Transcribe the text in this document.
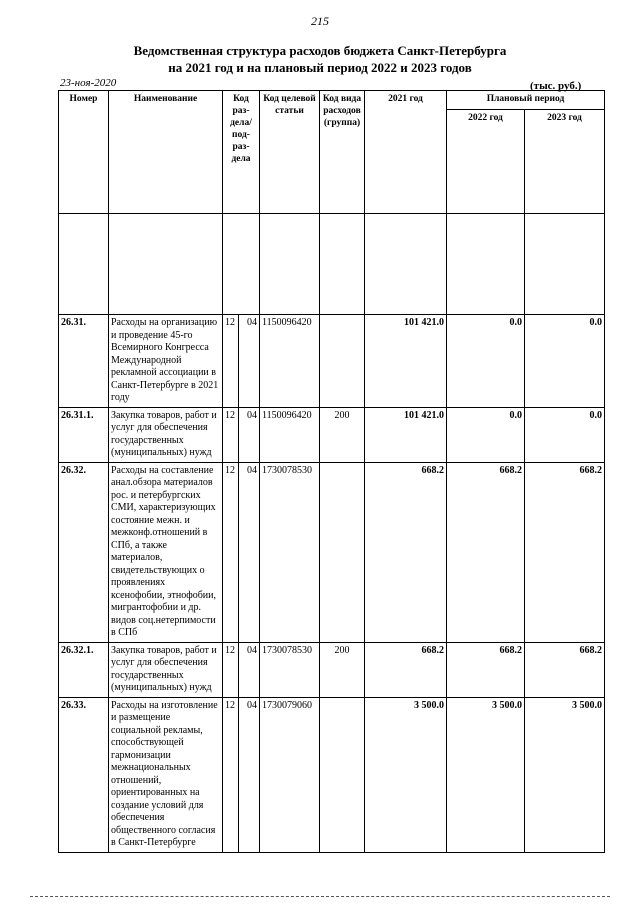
215
Ведомственная структура расходов бюджета Санкт-Петербурга
на 2021 год и на плановый период 2022 и 2023 годов
23-ноя-2020	(тыс. руб.)
Номер	Наименование	Код раз-дела/ под-раз-дела		Код целевой статьи	Код вида расходов (группа)	2021 год	Плановый период	
							2022 год	2023 год

26.31.	Расходы на организацию и проведение 45-го Всемирного Конгресса Международной рекламной ассоциации в Санкт-Петербурге в 2021 году	12	04	1150096420		101 421.0	0.0	0.0
26.31.1.	Закупка товаров, работ и услуг для обеспечения государственных (муниципальных) нужд	12	04	1150096420	200	101 421.0	0.0	0.0
26.32.	Расходы на составление анал.обзора материалов рос. и петербургских СМИ, характеризующих состояние межн. и межконф.отношений в СПб, а также материалов, свидетельствующих о проявлениях ксенофобии, этнофобии, мигрантофобии и др. видов соц.нетерпимости в СПб	12	04	1730078530		668.2	668.2	668.2
26.32.1.	Закупка товаров, работ и услуг для обеспечения государственных (муниципальных) нужд	12	04	1730078530	200	668.2	668.2	668.2
26.33.	Расходы на изготовление и размещение социальной рекламы, способствующей гармонизации межнациональных отношений, ориентированных на создание условий для обеспечения общественного согласия в Санкт-Петербурге	12	04	1730079060		3 500.0	3 500.0	3 500.0
